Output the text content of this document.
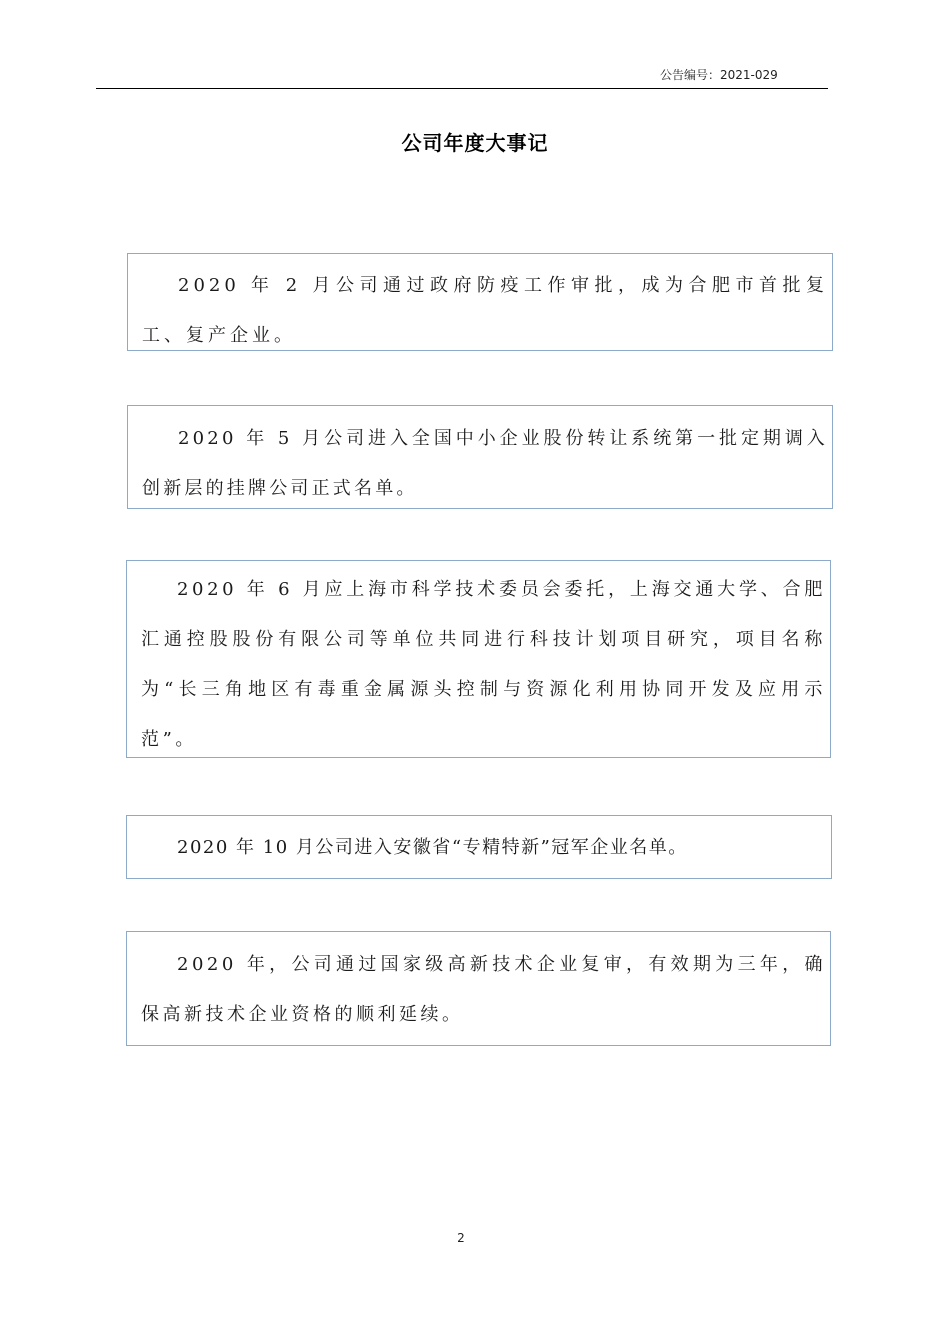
公告编号：2021-029
公司年度大事记

2020 年 2 月公司通过政府防疫工作审批，成为合肥市首批复工、复产企业。

2020 年 5 月公司进入全国中小企业股份转让系统第一批定期调入创新层的挂牌公司正式名单。

2020 年 6 月应上海市科学技术委员会委托，上海交通大学、合肥汇通控股股份有限公司等单位共同进行科技计划项目研究，项目名称为“长三角地区有毒重金属源头控制与资源化利用协同开发及应用示范”。

2020 年 10 月公司进入安徽省“专精特新”冠军企业名单。

2020 年，公司通过国家级高新技术企业复审，有效期为三年，确保高新技术企业资格的顺利延续。

2
